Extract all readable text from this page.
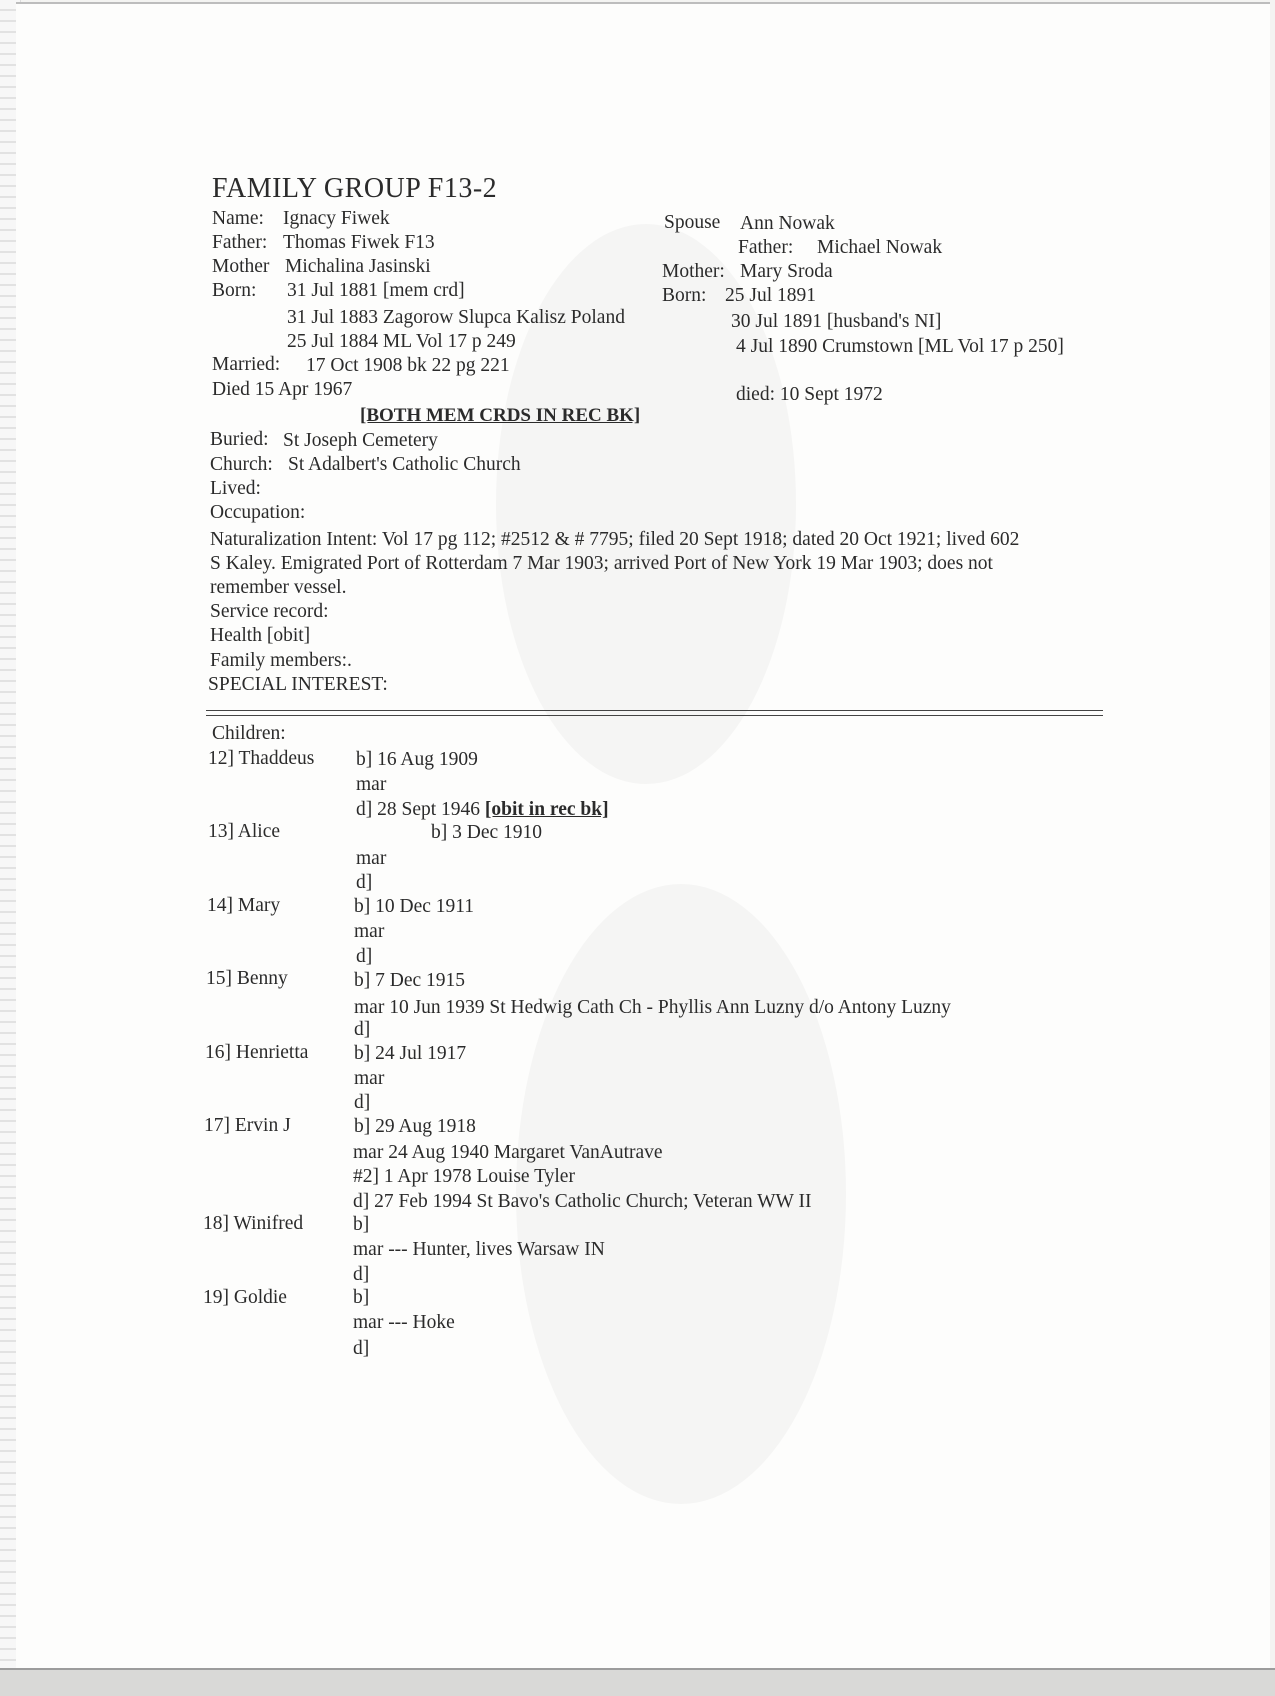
FAMILY GROUP F13-2
Name: Ignacy Fiwek
Father: Thomas Fiwek F13
Mother Michalina Jasinski
Born: 31 Jul 1881 [mem crd]
31 Jul 1883 Zagorow Slupca Kalisz Poland
25 Jul 1884 ML Vol 17 p 249
Married: 17 Oct 1908 bk 22 pg 221
Died 15 Apr 1967
Spouse Ann Nowak
Father: Michael Nowak
Mother: Mary Sroda
Born: 25 Jul 1891
30 Jul 1891 [husband's NI]
4 Jul 1890 Crumstown [ML Vol 17 p 250]
died: 10 Sept 1972
[BOTH MEM CRDS IN REC BK]
Buried: St Joseph Cemetery
Church: St Adalbert's Catholic Church
Lived:
Occupation:
Naturalization Intent: Vol 17 pg 112; #2512 & # 7795; filed 20 Sept 1918; dated 20 Oct 1921; lived 602
S Kaley. Emigrated Port of Rotterdam 7 Mar 1903; arrived Port of New York 19 Mar 1903; does not
remember vessel.
Service record:
Health [obit]
Family members:.
SPECIAL INTEREST:
Children:
12] Thaddeus b] 16 Aug 1909
mar
d] 28 Sept 1946 [obit in rec bk]
13] Alice	b] 3 Dec 1910
mar
d]
14] Mary	b] 10 Dec 1911
mar
d]
15] Benny	b] 7 Dec 1915
mar 10 Jun 1939 St Hedwig Cath Ch - Phyllis Ann Luzny d/o Antony Luzny
d]
16] Henrietta b] 24 Jul 1917
mar
d]
17] Ervin J	b] 29 Aug 1918
mar 24 Aug 1940 Margaret VanAutrave
#2] 1 Apr 1978 Louise Tyler
d] 27 Feb 1994 St Bavo's Catholic Church; Veteran WW II
18] Winifred	b]
mar --- Hunter, lives Warsaw IN
d]
19] Goldie	b]
mar --- Hoke
d]
